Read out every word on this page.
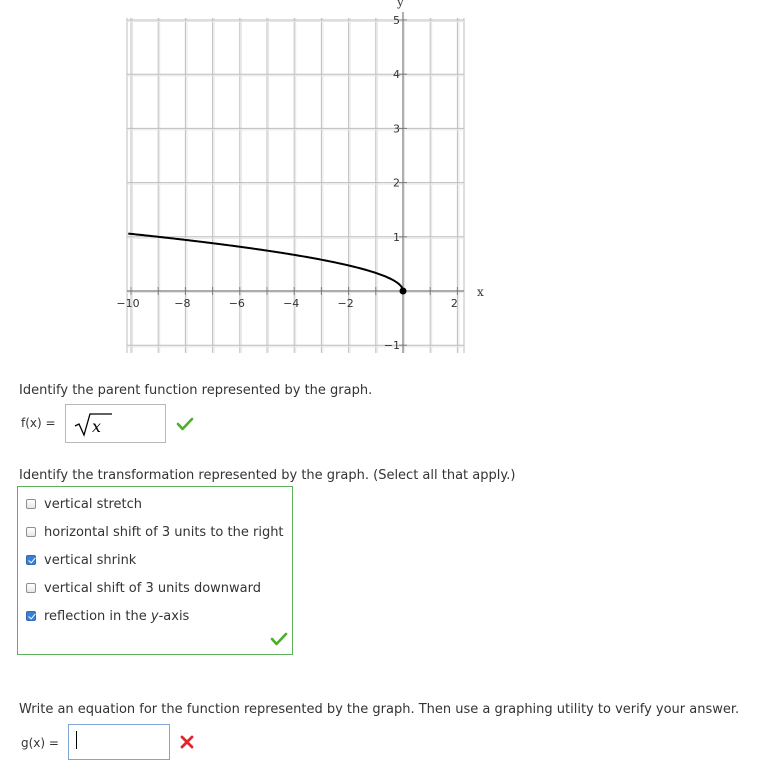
−10	−8	−6	−4	−2	2
−1
1
2
3
4
5
x
y
Identify the parent function represented by the graph.
f(x) = x
Identify the transformation represented by the graph. (Select all that apply.)
vertical stretch
horizontal shift of 3 units to the right
vertical shrink
vertical shift of 3 units downward
reflection in the y-axis
Write an equation for the function represented by the graph. Then use a graphing utility to verify your answer.
g(x) =
